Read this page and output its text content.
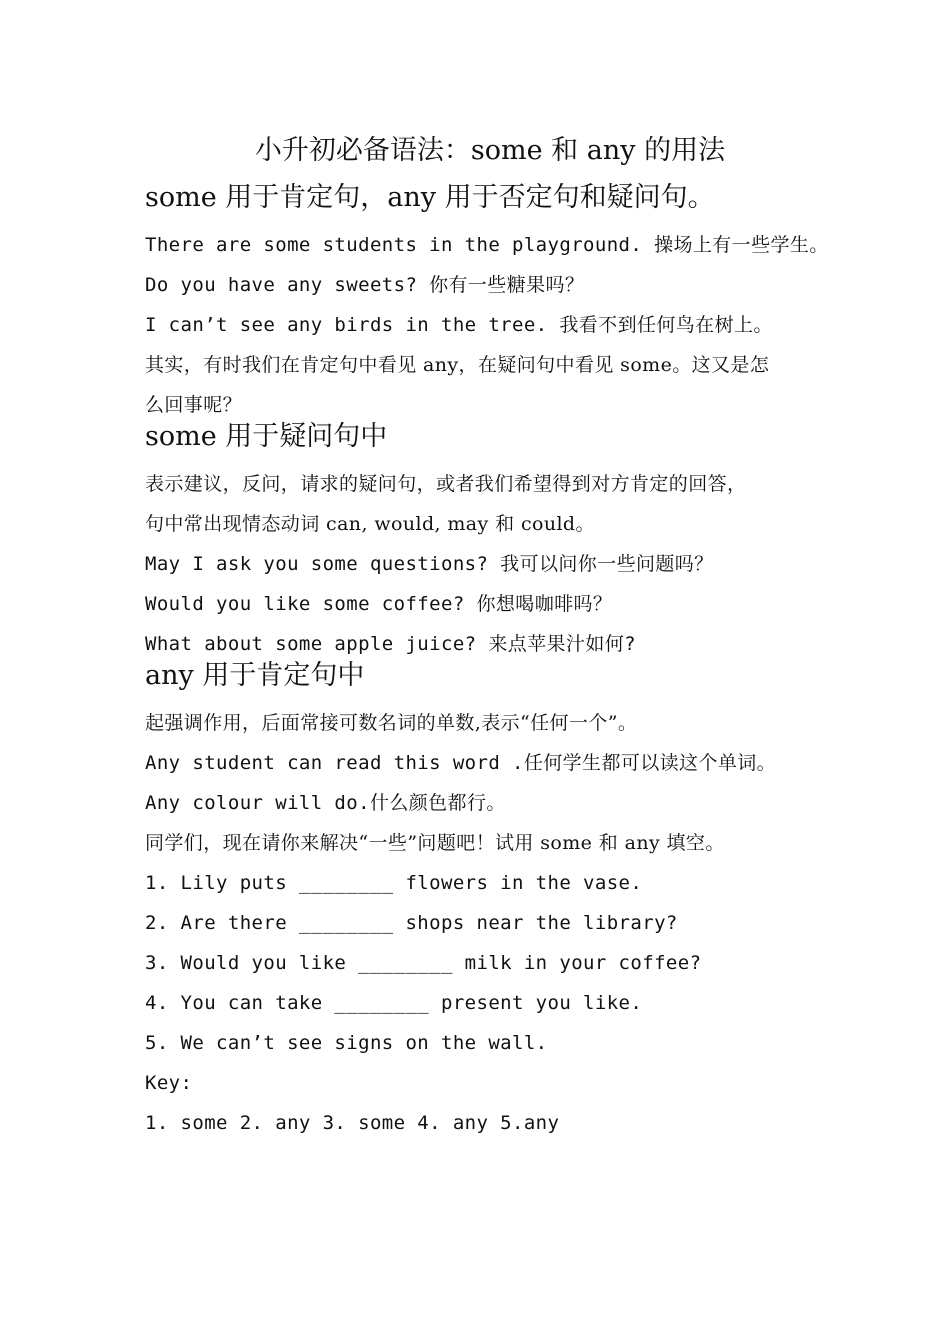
小升初必备语法：some 和 any 的用法
some 用于肯定句，any 用于否定句和疑问句。
There are some students in the playground. 操场上有一些学生。
Do you have any sweets? 你有一些糖果吗？
I can’t see any birds in the tree. 我看不到任何鸟在树上。
其实，有时我们在肯定句中看见 any，在疑问句中看见 some。这又是怎
么回事呢？
some 用于疑问句中
表示建议，反问，请求的疑问句，或者我们希望得到对方肯定的回答，
句中常出现情态动词 can, would, may 和 could。
May I ask you some questions? 我可以问你一些问题吗？
Would you like some coffee? 你想喝咖啡吗？
What about some apple juice? 来点苹果汁如何?
any 用于肯定句中
起强调作用，后面常接可数名词的单数,表示“任何一个”。
Any student can read this word .任何学生都可以读这个单词。
Any colour will do.什么颜色都行。
同学们，现在请你来解决“一些”问题吧！试用 some 和 any 填空。
1. Lily puts ________ flowers in the vase.
2. Are there ________ shops near the library?
3. Would you like ________ milk in your coffee?
4. You can take ________ present you like.
5. We can’t see signs on the wall.
Key:
1. some 2. any 3. some 4. any 5.any
